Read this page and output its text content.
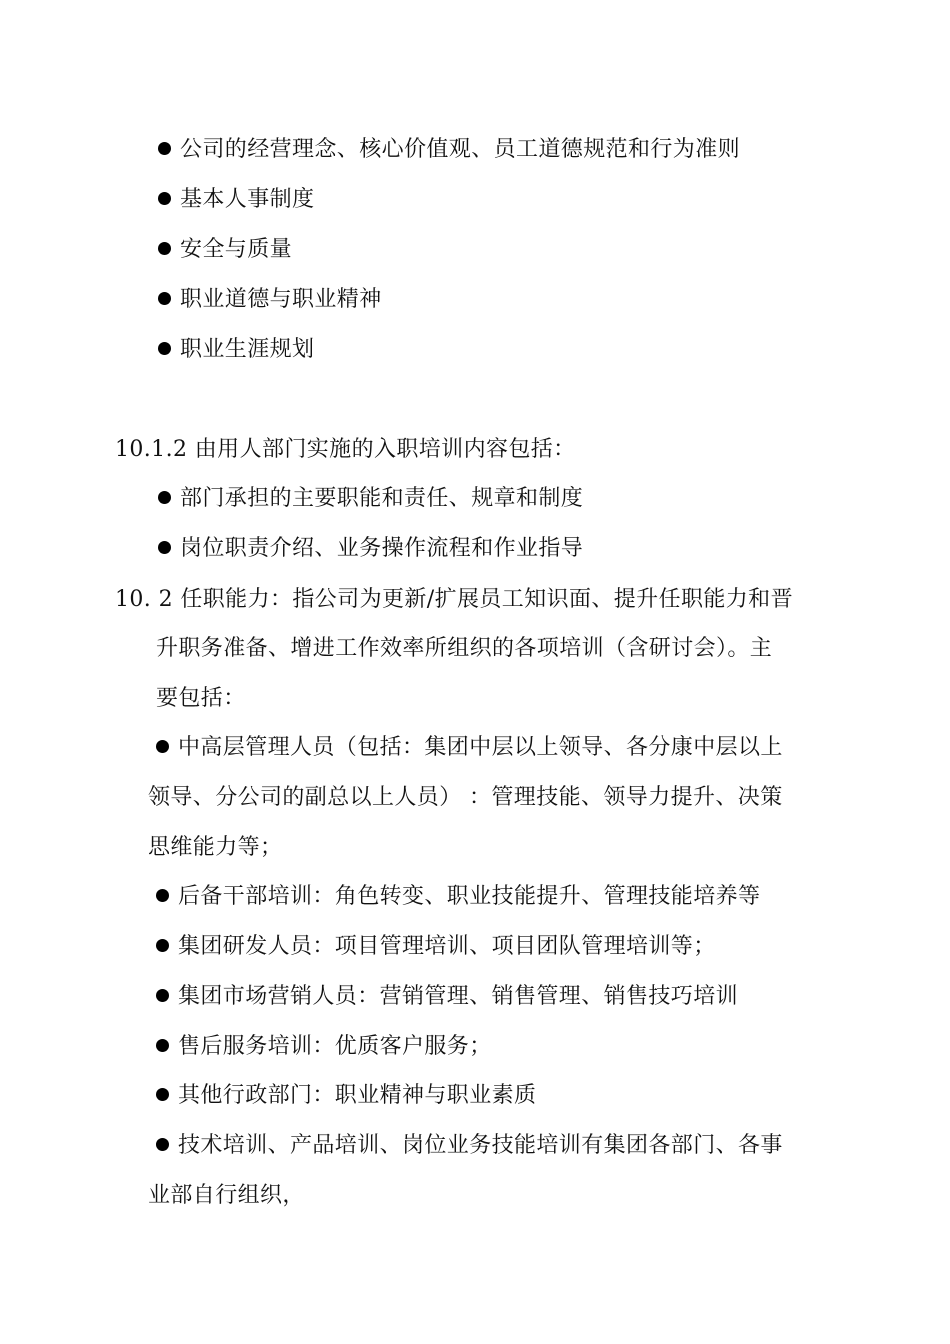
公司的经营理念、核心价值观、员工道德规范和行为准则
基本人事制度
安全与质量
职业道德与职业精神
职业生涯规划
10.1.2 由用人部门实施的入职培训内容包括：
部门承担的主要职能和责任、规章和制度
岗位职责介绍、业务操作流程和作业指导
10. 2 任职能力：指公司为更新/扩展员工知识面、提升任职能力和晋
升职务准备、增进工作效率所组织的各项培训（含研讨会）。主
要包括：
中高层管理人员（包括：集团中层以上领导、各分康中层以上
领导、分公司的副总以上人员） ：管理技能、领导力提升、决策
思维能力等；
后备干部培训：角色转变、职业技能提升、管理技能培养等
集团研发人员：项目管理培训、项目团队管理培训等；
集团市场营销人员：营销管理、销售管理、销售技巧培训
售后服务培训：优质客户服务；
其他行政部门：职业精神与职业素质
技术培训、产品培训、岗位业务技能培训有集团各部门、各事
业部自行组织，
